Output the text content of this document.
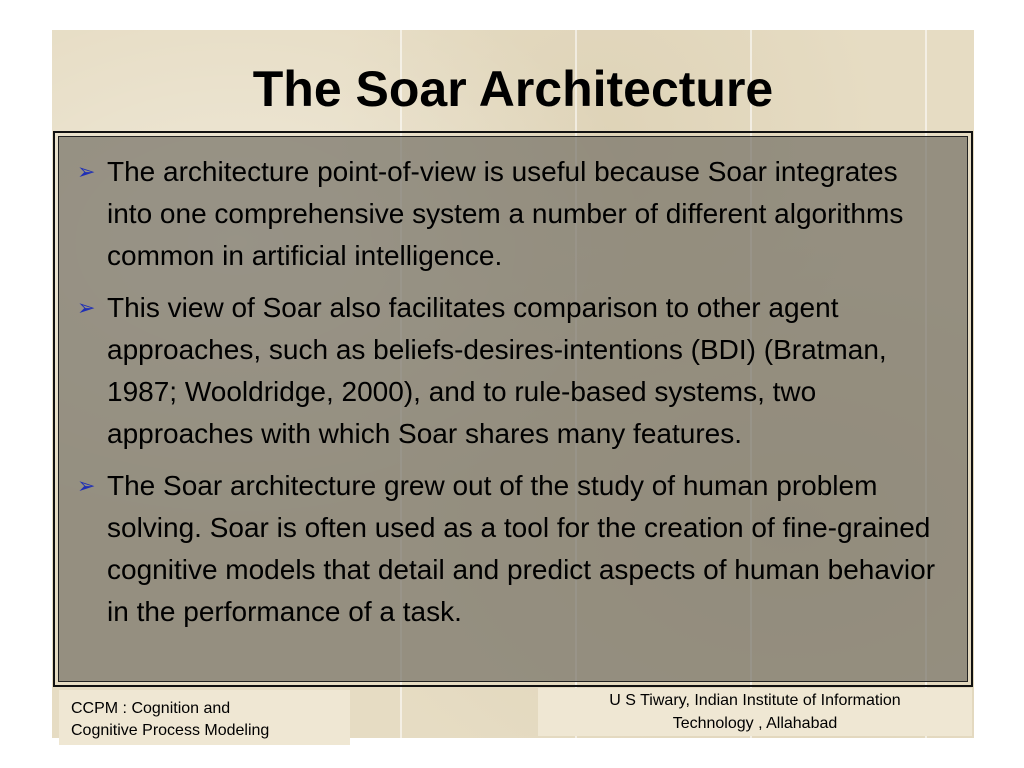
The Soar Architecture
➢ The architecture point-of-view is useful because Soar integrates into one comprehensive system a number of different algorithms common in artificial intelligence.
➢ This view of Soar also facilitates comparison to other agent approaches, such as beliefs-desires-intentions (BDI) (Bratman, 1987; Wooldridge, 2000), and to rule-based systems, two approaches with which Soar shares many features.
➢ The Soar architecture grew out of the study of human problem solving. Soar is often used as a tool for the creation of fine-grained cognitive models that detail and predict aspects of human behavior in the performance of a task.
CCPM : Cognition and
Cognitive Process Modeling
U S Tiwary, Indian Institute of Information
Technology , Allahabad
